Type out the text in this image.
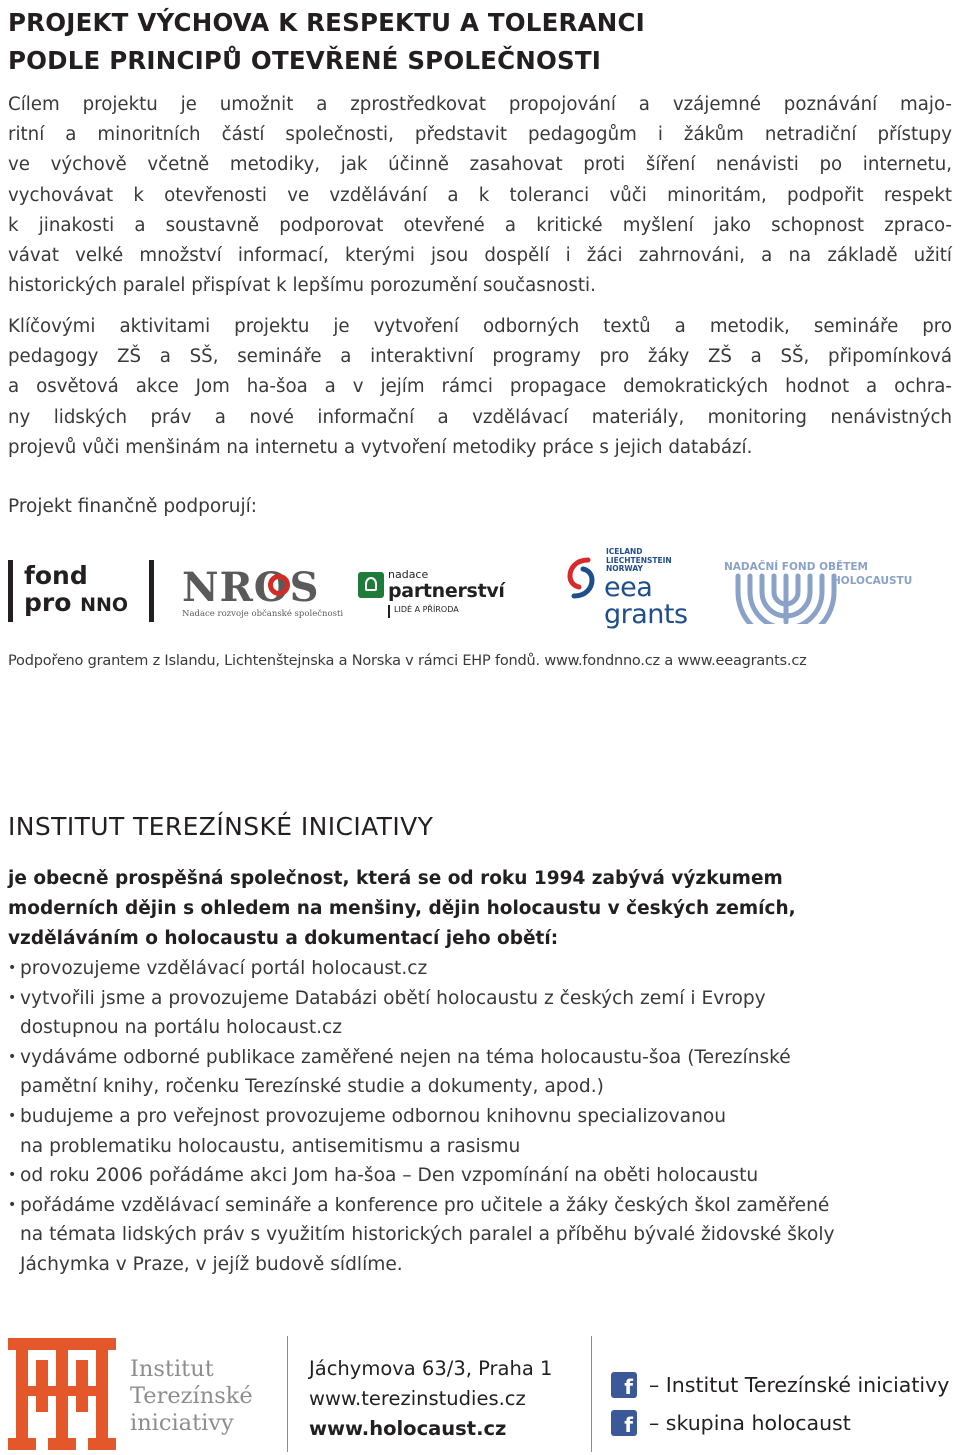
PROJEKT VÝCHOVA K RESPEKTU A TOLERANCI
PODLE PRINCIPŮ OTEVŘENÉ SPOLEČNOSTI

Cílem projektu je umožnit a zprostředkovat propojování a vzájemné poznávání majo-
ritní a minoritních částí společnosti, představit pedagogům i žákům netradiční přístupy
ve výchově včetně metodiky, jak účinně zasahovat proti šíření nenávisti po internetu,
vychovávat k otevřenosti ve vzdělávání a k toleranci vůči minoritám, podpořit respekt
k jinakosti a soustavně podporovat otevřené a kritické myšlení jako schopnost zpraco-
vávat velké množství informací, kterými jsou dospělí i žáci zahrnováni, a na základě užití
historických paralel přispívat k lepšímu porozumění současnosti.

Klíčovými aktivitami projektu je vytvoření odborných textů a metodik, semináře pro
pedagogy ZŠ a SŠ, semináře a interaktivní programy pro žáky ZŠ a SŠ, připomínková
a osvětová akce Jom ha-šoa a v jejím rámci propagace demokratických hodnot a ochra-
ny lidských práv a nové informační a vzdělávací materiály, monitoring nenávistných
projevů vůči menšinám na internetu a vytvoření metodiky práce s jejich databází.

Projekt finančně podporují:
fond
pro NNO NROS
Nadace rozvoje občanské společnosti
nadace
partnerství
LIDÉ A PŘÍRODA
ICELAND
LIECHTENSTEIN
NORWAY
eea
grants
NADAČNÍ FOND OBĚTEM
HOLOCAUSTU
Podpořeno grantem z Islandu, Lichtenštejnska a Norska v rámci EHP fondů. www.fondnno.cz a www.eeagrants.cz
INSTITUT TEREZÍNSKÉ INICIATIVY

je obecně prospěšná společnost, která se od roku 1994 zabývá výzkumem
moderních dějin s ohledem na menšiny, dějin holocaustu v českých zemích,
vzděláváním o holocaustu a dokumentací jeho obětí:

• provozujeme vzdělávací portál holocaust.cz
• vytvořili jsme a provozujeme Databázi obětí holocaustu z českých zemí i Evropy
dostupnou na portálu holocaust.cz
• vydáváme odborné publikace zaměřené nejen na téma holocaustu-šoa (Terezínské
pamětní knihy, ročenku Terezínské studie a dokumenty, apod.)
• budujeme a pro veřejnost provozujeme odbornou knihovnu specializovanou
na problematiku holocaustu, antisemitismu a rasismu
• od roku 2006 pořádáme akci Jom ha-šoa – Den vzpomínání na oběti holocaustu
• pořádáme vzdělávací semináře a konference pro učitele a žáky českých škol zaměřené
na témata lidských práv s využitím historických paralel a příběhu bývalé židovské školy
Jáchymka v Praze, v jejíž budově sídlíme.
Institut
Terezínské
iniciativy
Jáchymova 63/3, Praha 1
www.terezinstudies.cz
www.holocaust.cz
f – Institut Terezínské iniciativy
f – skupina holocaust
